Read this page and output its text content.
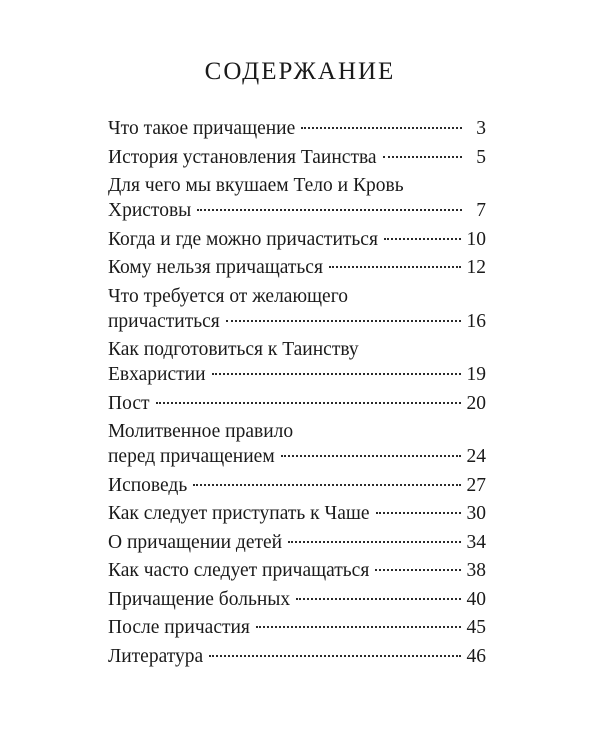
СОДЕРЖАНИЕ
Что такое причащение	3
История установления Таинства	5
Для чего мы вкушаем Тело и Кровь
Христовы	7
Когда и где можно причаститься	10
Кому нельзя причащаться	12
Что требуется от желающего
причаститься	16
Как подготовиться к Таинству
Евхаристии	19
Пост	20
Молитвенное правило
перед причащением	24
Исповедь	27
Как следует приступать к Чаше	30
О причащении детей	34
Как часто следует причащаться	38
Причащение больных	40
После причастия	45
Литература	46
